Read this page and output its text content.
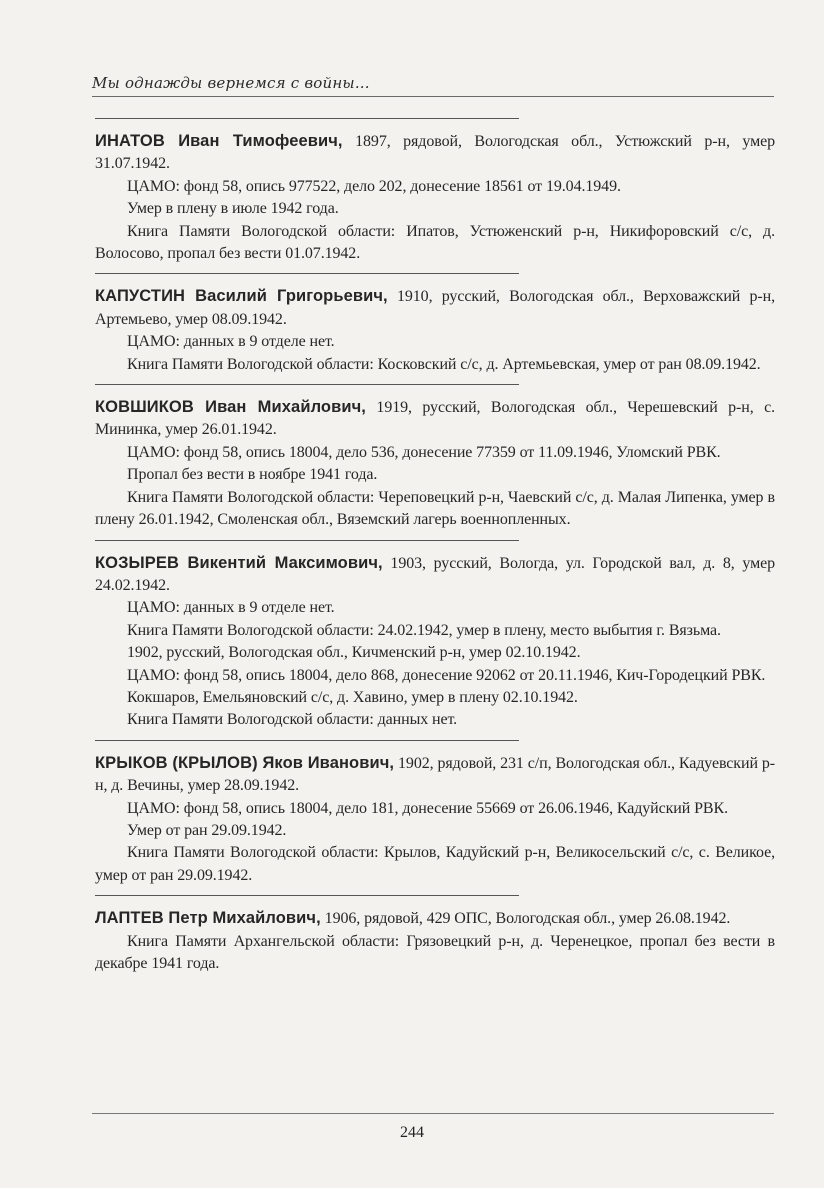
Мы однажды вернемся с войны...

ИНАТОВ Иван Тимофеевич, 1897, рядовой, Вологодская обл., Устюжский р-н, умер 31.07.1942.

ЦАМО: фонд 58, опись 977522, дело 202, донесение 18561 от 19.04.1949.

Умер в плену в июле 1942 года.

Книга Памяти Вологодской области: Ипатов, Устюженский р-н, Никифоровский с/с, д. Волосово, пропал без вести 01.07.1942.

КАПУСТИН Василий Григорьевич, 1910, русский, Вологодская обл., Верховажский р-н, Артемьево, умер 08.09.1942.

ЦАМО: данных в 9 отделе нет.

Книга Памяти Вологодской области: Косковский с/с, д. Артемьевская, умер от ран 08.09.1942.

КОВШИКОВ Иван Михайлович, 1919, русский, Вологодская обл., Черешевский р-н, с. Мининка, умер 26.01.1942.

ЦАМО: фонд 58, опись 18004, дело 536, донесение 77359 от 11.09.1946, Уломский РВК.

Пропал без вести в ноябре 1941 года.

Книга Памяти Вологодской области: Череповецкий р-н, Чаевский с/с, д. Малая Липенка, умер в плену 26.01.1942, Смоленская обл., Вяземский лагерь военнопленных.

КОЗЫРЕВ Викентий Максимович, 1903, русский, Вологда, ул. Городской вал, д. 8, умер 24.02.1942.

ЦАМО: данных в 9 отделе нет.

Книга Памяти Вологодской области: 24.02.1942, умер в плену, место выбытия г. Вязьма.

1902, русский, Вологодская обл., Кичменский р-н, умер 02.10.1942.

ЦАМО: фонд 58, опись 18004, дело 868, донесение 92062 от 20.11.1946, Кич-Городецкий РВК.

Кокшаров, Емельяновский с/с, д. Хавино, умер в плену 02.10.1942.

Книга Памяти Вологодской области: данных нет.

КРЫКОВ (КРЫЛОВ) Яков Иванович, 1902, рядовой, 231 с/п, Вологодская обл., Кадуевский р-н, д. Вечины, умер 28.09.1942.

ЦАМО: фонд 58, опись 18004, дело 181, донесение 55669 от 26.06.1946, Кадуйский РВК.

Умер от ран 29.09.1942.

Книга Памяти Вологодской области: Крылов, Кадуйский р-н, Великосельский с/с, с. Великое, умер от ран 29.09.1942.

ЛАПТЕВ Петр Михайлович, 1906, рядовой, 429 ОПС, Вологодская обл., умер 26.08.1942.

Книга Памяти Архангельской области: Грязовецкий р-н, д. Черенецкое, пропал без вести в декабре 1941 года.

244
